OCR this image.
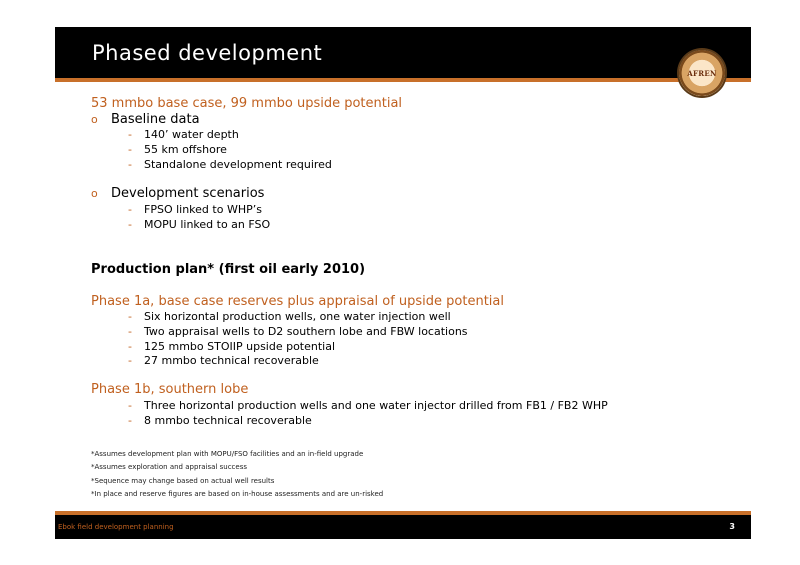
Phased development
AFREN
53 mmbo base case, 99 mmbo upside potential
o	Baseline data
-	140’ water depth
-	55 km offshore
-	Standalone development required
o	Development scenarios
-	FPSO linked to WHP’s
-	MOPU linked to an FSO
Production plan* (first oil early 2010)
Phase 1a, base case reserves plus appraisal of upside potential
-	Six horizontal production wells, one water injection well
-	Two appraisal wells to D2 southern lobe and FBW locations
-	125 mmbo STOIIP upside potential
-	27 mmbo technical recoverable
Phase 1b, southern lobe
-	Three horizontal production wells and one water injector drilled from FB1 / FB2 WHP
-	8 mmbo technical recoverable
*Assumes development plan with MOPU/FSO facilities and an in-field upgrade
*Assumes exploration and appraisal success
*Sequence may change based on actual well results
*In place and reserve figures are based on in-house assessments and are un-risked
Ebok field development planning	3
